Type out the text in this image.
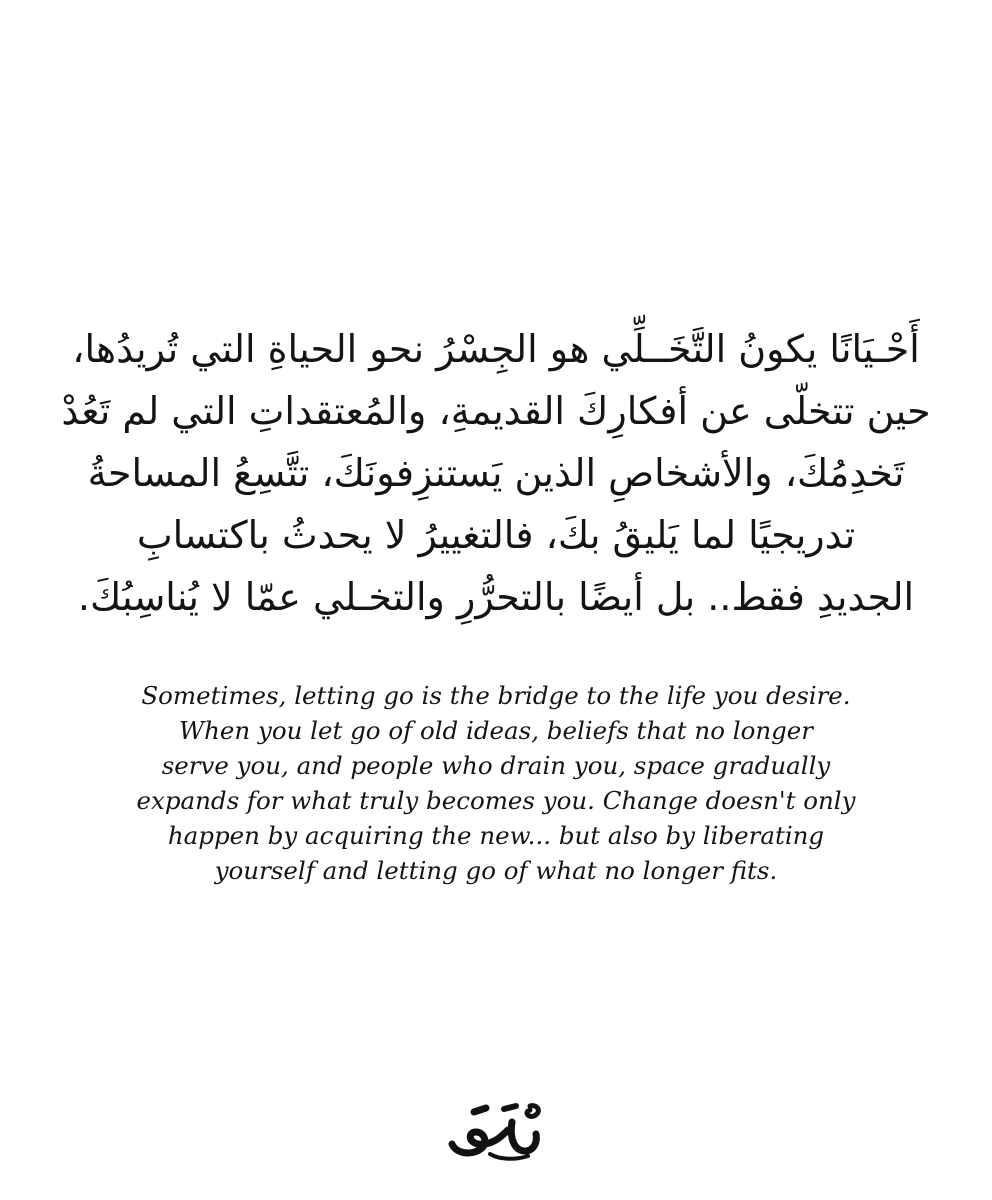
أَحْـيَانًا يكونُ التَّخَــلِّي هو الجِسْرُ نحو الحياةِ التي تُريدُها،
حين تتخلّى عن أفكارِكَ القديمةِ، والمُعتقداتِ التي لم تَعُدْ
تَخدِمُكَ، والأشخاصِ الذين يَستنزِفونَكَ، تتَّسِعُ المساحةُ
تدريجيًا لما يَليقُ بكَ، فالتغييرُ لا يحدثُ باكتسابِ
الجديدِ فقط.. بل أيضًا بالتحرُّرِ والتخـلي عمّا لا يُناسِبُكَ.
Sometimes, letting go is the bridge to the life you desire.
When you let go of old ideas, beliefs that no longer
serve you, and people who drain you, space gradually
expands for what truly becomes you. Change doesn't only
happen by acquiring the new... but also by liberating
yourself and letting go of what no longer fits.
